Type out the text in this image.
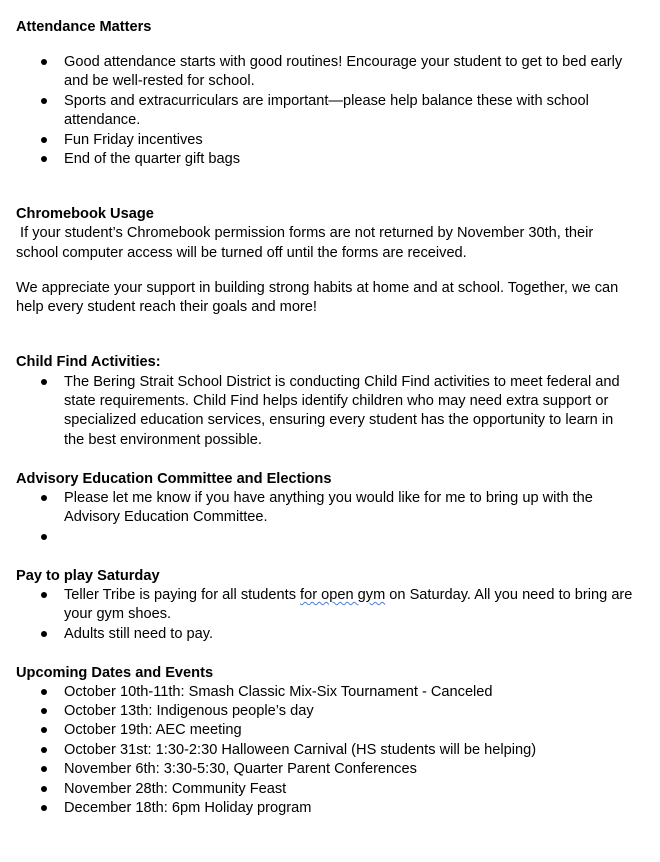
Attendance Matters
Good attendance starts with good routines! Encourage your student to get to bed early
and be well-rested for school.
Sports and extracurriculars are important—please help balance these with school
attendance.
Fun Friday incentives
End of the quarter gift bags
Chromebook Usage
If your student’s Chromebook permission forms are not returned by November 30th, their
school computer access will be turned off until the forms are received.
We appreciate your support in building strong habits at home and at school. Together, we can
help every student reach their goals and more!
Child Find Activities:
The Bering Strait School District is conducting Child Find activities to meet federal and
state requirements. Child Find helps identify children who may need extra support or
specialized education services, ensuring every student has the opportunity to learn in
the best environment possible.
Advisory Education Committee and Elections
Please let me know if you have anything you would like for me to bring up with the
Advisory Education Committee.
Pay to play Saturday
Teller Tribe is paying for all students for open gym on Saturday. All you need to bring are
your gym shoes.
Adults still need to pay.
Upcoming Dates and Events
October 10th-11th: Smash Classic Mix-Six Tournament - Canceled
October 13th: Indigenous people’s day
October 19th: AEC meeting
October 31st: 1:30-2:30 Halloween Carnival (HS students will be helping)
November 6th: 3:30-5:30, Quarter Parent Conferences
November 28th: Community Feast
December 18th: 6pm Holiday program
